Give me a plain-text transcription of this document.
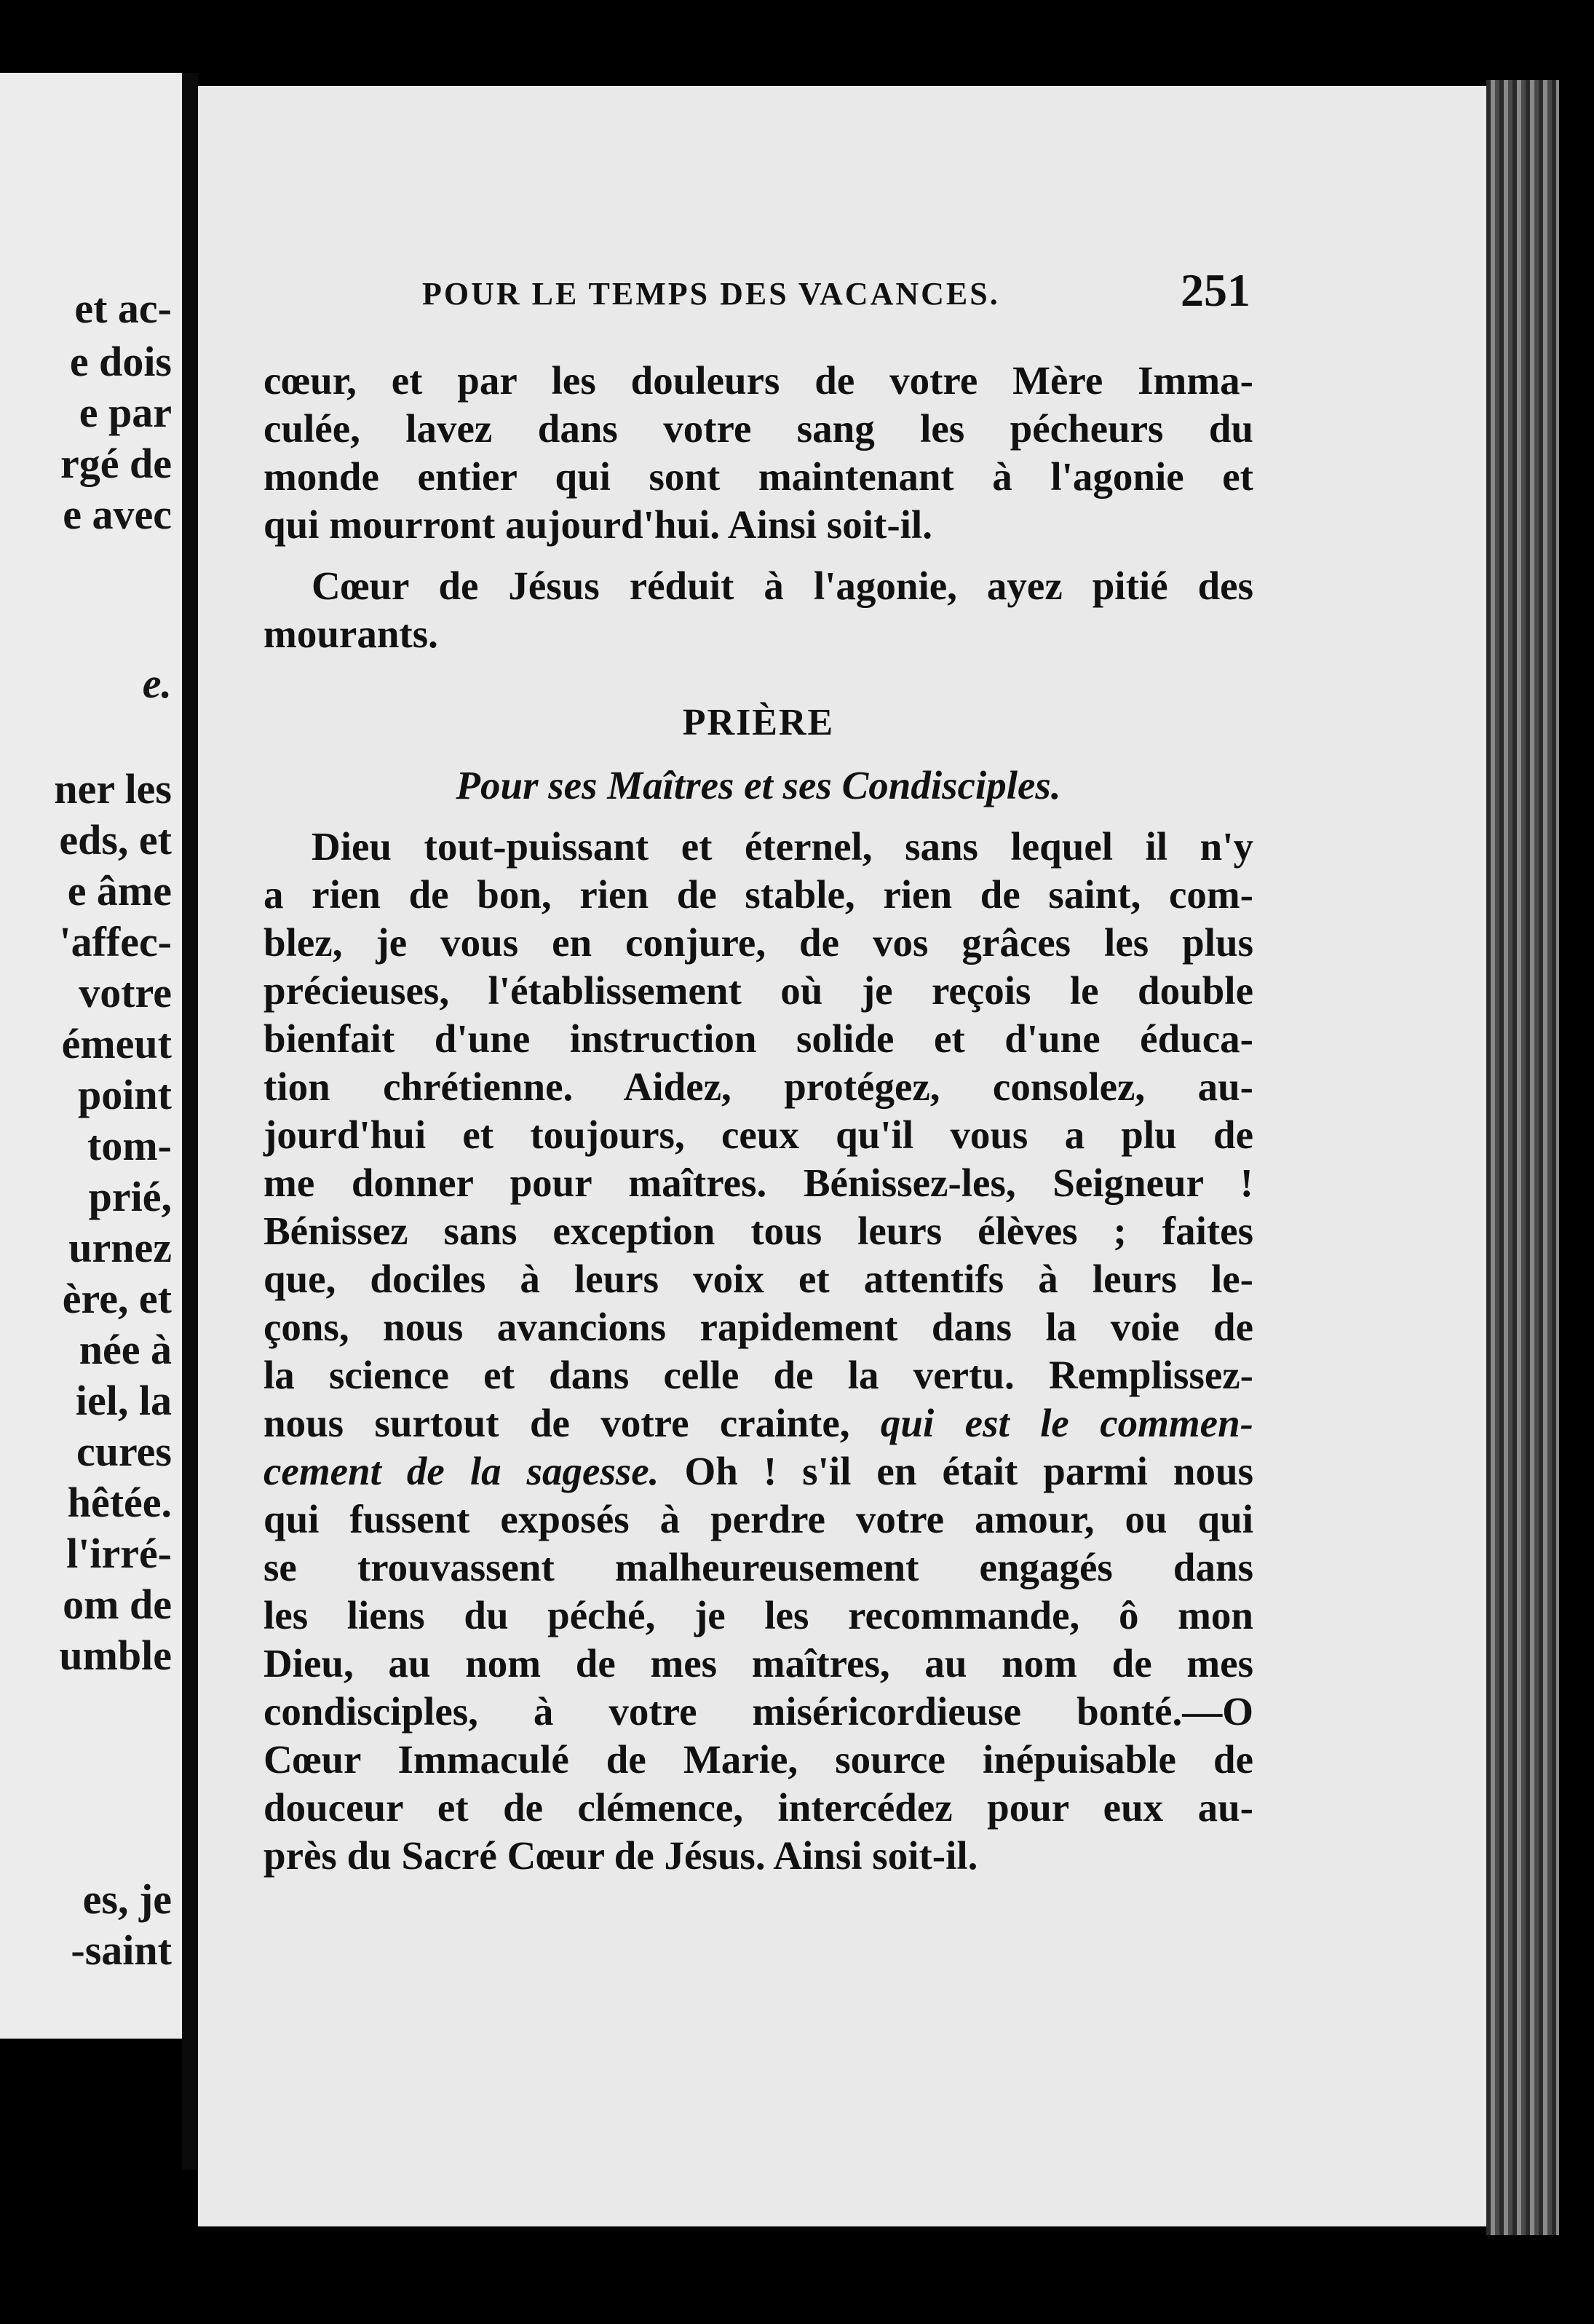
et ac-
e dois
e par
rgé de
e avec
e.
ner les
eds, et
e âme
'affec-
votre
émeut
point
tom-
prié,
urnez
ère, et
née à
iel, la
cures
hêtée.
l'irré-
om de
umble
es, je
-saint
POUR LE TEMPS DES VACANCES.	251

cœur, et par les douleurs de votre Mère Imma-
culée, lavez dans votre sang les pécheurs du
monde entier qui sont maintenant à l'agonie et
qui mourront aujourd'hui. Ainsi soit-il.

Cœur de Jésus réduit à l'agonie, ayez pitié des
mourants.

PRIÈRE
Pour ses Maîtres et ses Condisciples.

Dieu tout-puissant et éternel, sans lequel il n'y
a rien de bon, rien de stable, rien de saint, com-
blez, je vous en conjure, de vos grâces les plus
précieuses, l'établissement où je reçois le double
bienfait d'une instruction solide et d'une éduca-
tion chrétienne. Aidez, protégez, consolez, au-
jourd'hui et toujours, ceux qu'il vous a plu de
me donner pour maîtres. Bénissez-les, Seigneur !
Bénissez sans exception tous leurs élèves ; faites
que, dociles à leurs voix et attentifs à leurs le-
çons, nous avancions rapidement dans la voie de
la science et dans celle de la vertu. Remplissez-
nous surtout de votre crainte, qui est le commen-
cement de la sagesse. Oh ! s'il en était parmi nous
qui fussent exposés à perdre votre amour, ou qui
se trouvassent malheureusement engagés dans
les liens du péché, je les recommande, ô mon
Dieu, au nom de mes maîtres, au nom de mes
condisciples, à votre miséricordieuse bonté.—O
Cœur Immaculé de Marie, source inépuisable de
douceur et de clémence, intercédez pour eux au-
près du Sacré Cœur de Jésus. Ainsi soit-il.
